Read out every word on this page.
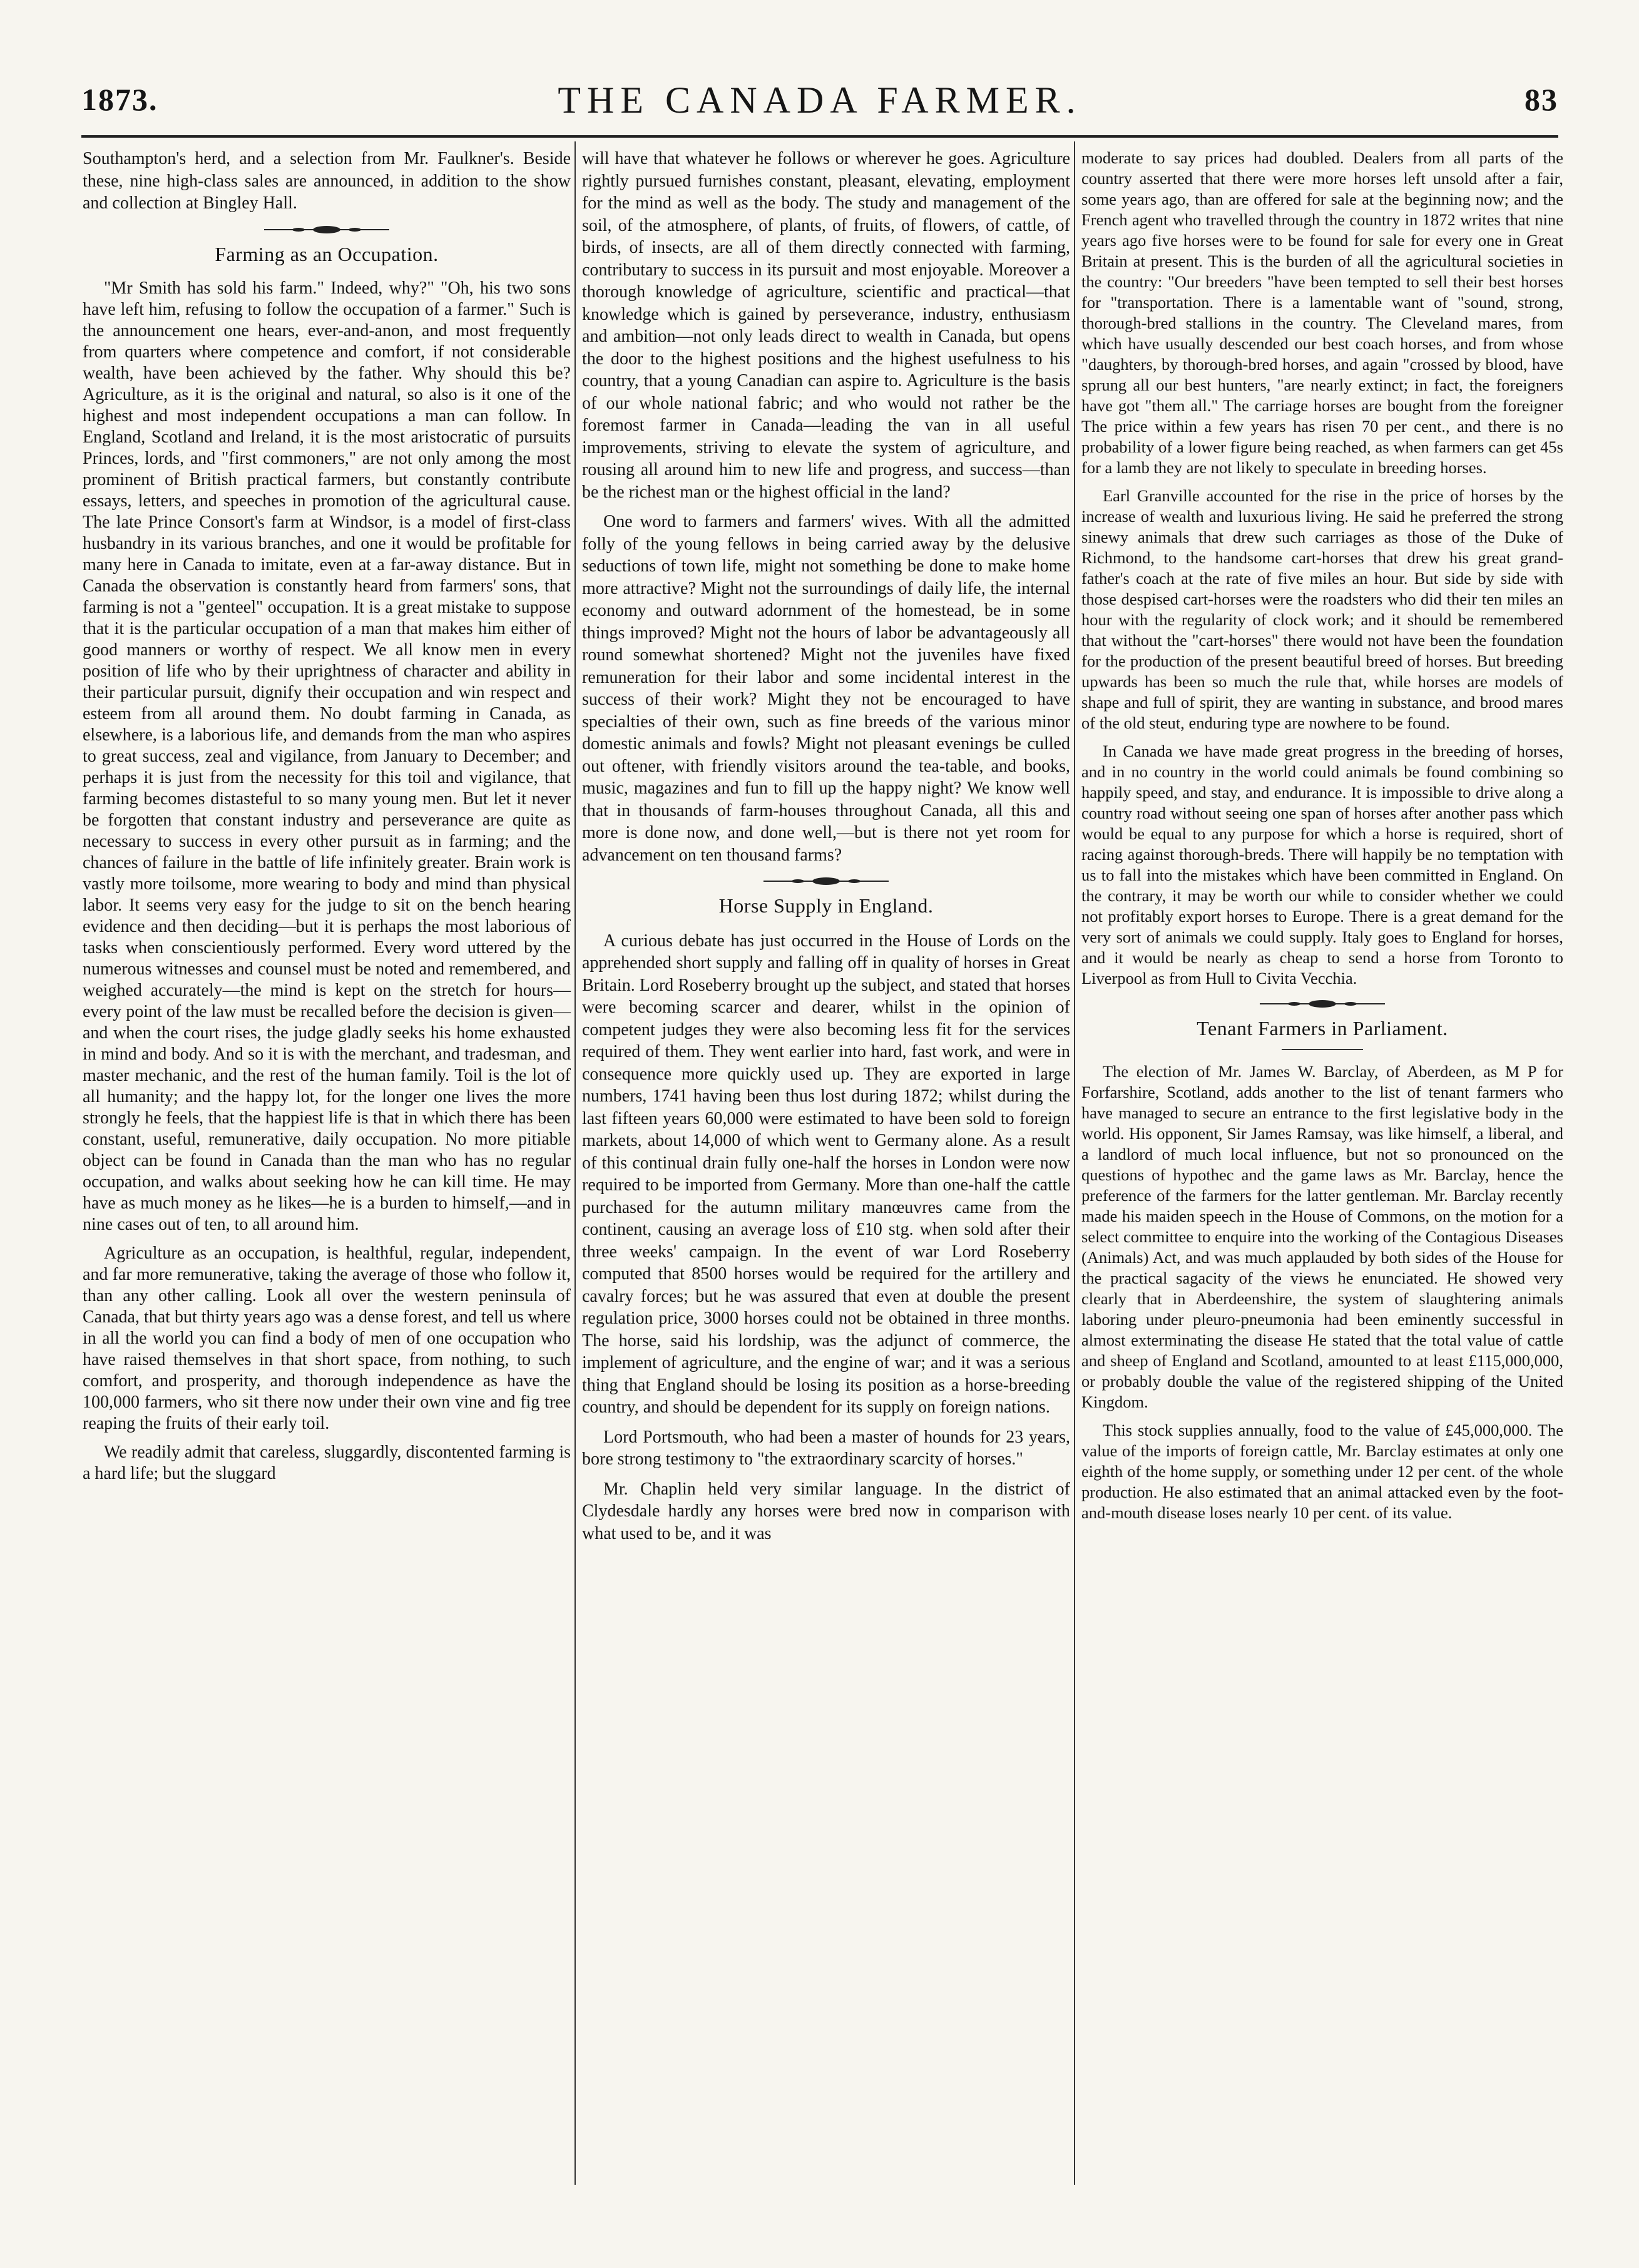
1873.	THE CANADA FARMER.	83

Southampton's herd, and a selection from Mr. Faulkner's. Beside these, nine high-class sales are announced, in addition to the show and collection at Bingley Hall.

Farming as an Occupation.

"Mr Smith has sold his farm." Indeed, why?" "Oh, his two sons have left him, refusing to follow the occupation of a farmer." Such is the announcement one hears, ever-and-anon, and most frequently from quarters where competence and comfort, if not considerable wealth, have been achieved by the father. Why should this be? Agriculture, as it is the original and natural, so also is it one of the highest and most independent occupations a man can follow. In England, Scotland and Ireland, it is the most aristocratic of pursuits Princes, lords, and "first commoners," are not only among the most prominent of British practical farmers, but constantly contribute essays, letters, and speeches in promotion of the agricultural cause. The late Prince Consort's farm at Windsor, is a model of first-class husbandry in its various branches, and one it would be profitable for many here in Canada to imitate, even at a far-away distance. But in Canada the observation is constantly heard from farmers' sons, that farming is not a "genteel" occupation. It is a great mistake to suppose that it is the particular occupation of a man that makes him either of good manners or worthy of respect. We all know men in every position of life who by their uprightness of character and ability in their particular pursuit, dignify their occupation and win respect and esteem from all around them. No doubt farming in Canada, as elsewhere, is a laborious life, and demands from the man who aspires to great success, zeal and vigilance, from January to December; and perhaps it is just from the necessity for this toil and vigilance, that farming becomes distasteful to so many young men. But let it never be forgotten that constant industry and perseverance are quite as necessary to success in every other pursuit as in farming; and the chances of failure in the battle of life infinitely greater. Brain work is vastly more toilsome, more wearing to body and mind than physical labor. It seems very easy for the judge to sit on the bench hearing evidence and then deciding—but it is perhaps the most laborious of tasks when conscientiously performed. Every word uttered by the numerous witnesses and counsel must be noted and remembered, and weighed accurately—the mind is kept on the stretch for hours—every point of the law must be recalled before the decision is given—and when the court rises, the judge gladly seeks his home exhausted in mind and body. And so it is with the merchant, and tradesman, and master mechanic, and the rest of the human family. Toil is the lot of all humanity; and the happy lot, for the longer one lives the more strongly he feels, that the happiest life is that in which there has been constant, useful, remunerative, daily occupation. No more pitiable object can be found in Canada than the man who has no regular occupation, and walks about seeking how he can kill time. He may have as much money as he likes—he is a burden to himself,—and in nine cases out of ten, to all around him.

Agriculture as an occupation, is healthful, regular, independent, and far more remunerative, taking the average of those who follow it, than any other calling. Look all over the western peninsula of Canada, that but thirty years ago was a dense forest, and tell us where in all the world you can find a body of men of one occupation who have raised themselves in that short space, from nothing, to such comfort, and prosperity, and thorough independence as have the 100,000 farmers, who sit there now under their own vine and fig tree reaping the fruits of their early toil.

We readily admit that careless, sluggardly, discontented farming is a hard life; but the sluggard

will have that whatever he follows or wherever he goes. Agriculture rightly pursued furnishes constant, pleasant, elevating, employment for the mind as well as the body. The study and management of the soil, of the atmosphere, of plants, of fruits, of flowers, of cattle, of birds, of insects, are all of them directly connected with farming, contributary to success in its pursuit and most enjoyable. Moreover a thorough knowledge of agriculture, scientific and practical—that knowledge which is gained by perseverance, industry, enthusiasm and ambition—not only leads direct to wealth in Canada, but opens the door to the highest positions and the highest usefulness to his country, that a young Canadian can aspire to. Agriculture is the basis of our whole national fabric; and who would not rather be the foremost farmer in Canada—leading the van in all useful improvements, striving to elevate the system of agriculture, and rousing all around him to new life and progress, and success—than be the richest man or the highest official in the land?

One word to farmers and farmers' wives. With all the admitted folly of the young fellows in being carried away by the delusive seductions of town life, might not something be done to make home more attractive? Might not the surroundings of daily life, the internal economy and outward adornment of the homestead, be in some things improved? Might not the hours of labor be advantageously all round somewhat shortened? Might not the juveniles have fixed remuneration for their labor and some incidental interest in the success of their work? Might they not be encouraged to have specialties of their own, such as fine breeds of the various minor domestic animals and fowls? Might not pleasant evenings be culled out oftener, with friendly visitors around the tea-table, and books, music, magazines and fun to fill up the happy night? We know well that in thousands of farm-houses throughout Canada, all this and more is done now, and done well,—but is there not yet room for advancement on ten thousand farms?

Horse Supply in England.

A curious debate has just occurred in the House of Lords on the apprehended short supply and falling off in quality of horses in Great Britain. Lord Roseberry brought up the subject, and stated that horses were becoming scarcer and dearer, whilst in the opinion of competent judges they were also becoming less fit for the services required of them. They went earlier into hard, fast work, and were in consequence more quickly used up. They are exported in large numbers, 1741 having been thus lost during 1872; whilst during the last fifteen years 60,000 were estimated to have been sold to foreign markets, about 14,000 of which went to Germany alone. As a result of this continual drain fully one-half the horses in London were now required to be imported from Germany. More than one-half the cattle purchased for the autumn military manœuvres came from the continent, causing an average loss of £10 stg. when sold after their three weeks' campaign. In the event of war Lord Roseberry computed that 8500 horses would be required for the artillery and cavalry forces; but he was assured that even at double the present regulation price, 3000 horses could not be obtained in three months. The horse, said his lordship, was the adjunct of commerce, the implement of agriculture, and the engine of war; and it was a serious thing that England should be losing its position as a horse-breeding country, and should be dependent for its supply on foreign nations.

Lord Portsmouth, who had been a master of hounds for 23 years, bore strong testimony to "the extraordinary scarcity of horses."

Mr. Chaplin held very similar language. In the district of Clydesdale hardly any horses were bred now in comparison with what used to be, and it was

moderate to say prices had doubled. Dealers from all parts of the country asserted that there were more horses left unsold after a fair, some years ago, than are offered for sale at the beginning now; and the French agent who travelled through the country in 1872 writes that nine years ago five horses were to be found for sale for every one in Great Britain at present. This is the burden of all the agricultural societies in the country: "Our breeders "have been tempted to sell their best horses for "transportation. There is a lamentable want of "sound, strong, thorough-bred stallions in the country. The Cleveland mares, from which have usually descended our best coach horses, and from whose "daughters, by thorough-bred horses, and again "crossed by blood, have sprung all our best hunters, "are nearly extinct; in fact, the foreigners have got "them all." The carriage horses are bought from the foreigner The price within a few years has risen 70 per cent., and there is no probability of a lower figure being reached, as when farmers can get 45s for a lamb they are not likely to speculate in breeding horses.

Earl Granville accounted for the rise in the price of horses by the increase of wealth and luxurious living. He said he preferred the strong sinewy animals that drew such carriages as those of the Duke of Richmond, to the handsome cart-horses that drew his great grand-father's coach at the rate of five miles an hour. But side by side with those despised cart-horses were the roadsters who did their ten miles an hour with the regularity of clock work; and it should be remembered that without the "cart-horses" there would not have been the foundation for the production of the present beautiful breed of horses. But breeding upwards has been so much the rule that, while horses are models of shape and full of spirit, they are wanting in substance, and brood mares of the old steut, enduring type are nowhere to be found.

In Canada we have made great progress in the breeding of horses, and in no country in the world could animals be found combining so happily speed, and stay, and endurance. It is impossible to drive along a country road without seeing one span of horses after another pass which would be equal to any purpose for which a horse is required, short of racing against thorough-breds. There will happily be no temptation with us to fall into the mistakes which have been committed in England. On the contrary, it may be worth our while to consider whether we could not profitably export horses to Europe. There is a great demand for the very sort of animals we could supply. Italy goes to England for horses, and it would be nearly as cheap to send a horse from Toronto to Liverpool as from Hull to Civita Vecchia.

Tenant Farmers in Parliament.

The election of Mr. James W. Barclay, of Aberdeen, as M P for Forfarshire, Scotland, adds another to the list of tenant farmers who have managed to secure an entrance to the first legislative body in the world. His opponent, Sir James Ramsay, was like himself, a liberal, and a landlord of much local influence, but not so pronounced on the questions of hypothec and the game laws as Mr. Barclay, hence the preference of the farmers for the latter gentleman. Mr. Barclay recently made his maiden speech in the House of Commons, on the motion for a select committee to enquire into the working of the Contagious Diseases (Animals) Act, and was much applauded by both sides of the House for the practical sagacity of the views he enunciated. He showed very clearly that in Aberdeenshire, the system of slaughtering animals laboring under pleuro-pneumonia had been eminently successful in almost exterminating the disease He stated that the total value of cattle and sheep of England and Scotland, amounted to at least £115,000,000, or probably double the value of the registered shipping of the United Kingdom.

This stock supplies annually, food to the value of £45,000,000. The value of the imports of foreign cattle, Mr. Barclay estimates at only one eighth of the home supply, or something under 12 per cent. of the whole production. He also estimated that an animal attacked even by the foot-and-mouth disease loses nearly 10 per cent. of its value.
